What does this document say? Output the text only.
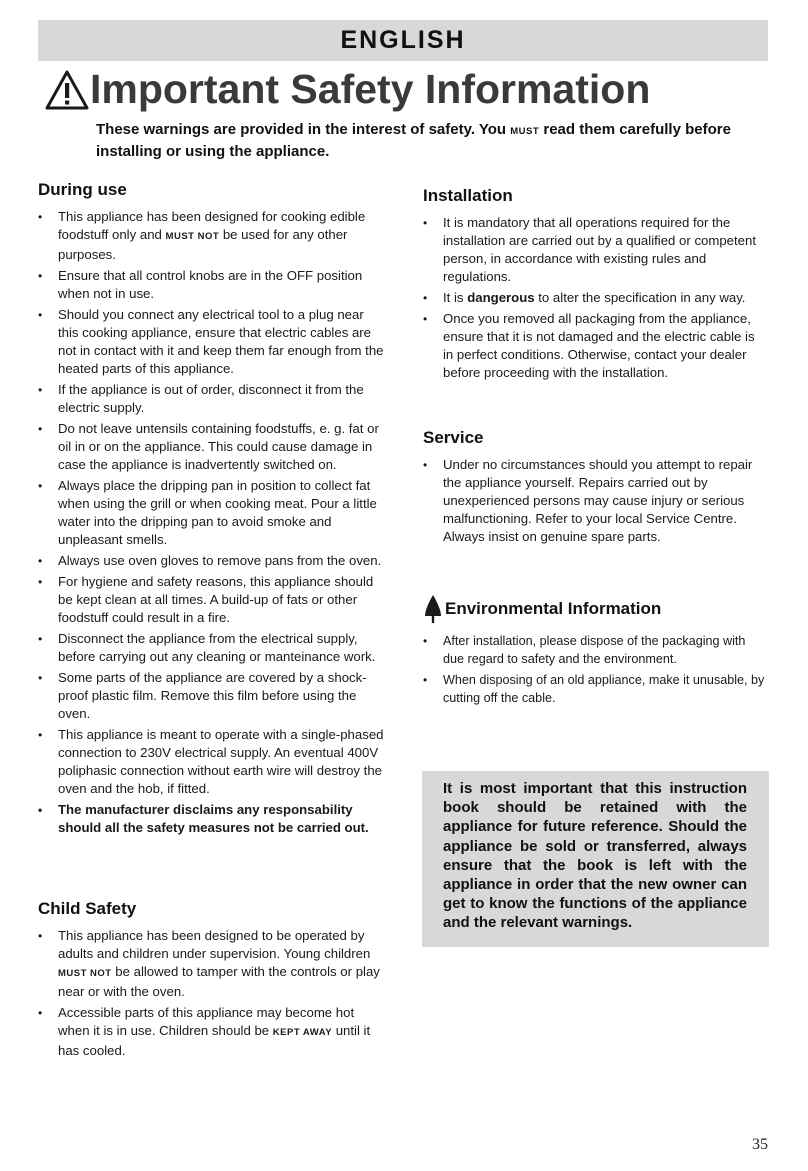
ENGLISH
Important Safety Information

These warnings are provided in the interest of safety. You MUST read them carefully before installing or using the appliance.

During use
• This appliance has been designed for cooking edible foodstuff only and MUST NOT be used for any other purposes.
• Ensure that all control knobs are in the OFF position when not in use.
• Should you connect any electrical tool to a plug near this cooking appliance, ensure that electric cables are not in contact with it and keep them far enough from the heated parts of this appliance.
• If the appliance is out of order, disconnect it from the electric supply.
• Do not leave untensils containing foodstuffs, e. g. fat or oil in or on the appliance. This could cause damage in case the appliance is inadvertently switched on.
• Always place the dripping pan in position to collect fat when using the grill or when cooking meat. Pour a little water into the dripping pan to avoid smoke and unpleasant smells.
• Always use oven gloves to remove pans from the oven.
• For hygiene and safety reasons, this appliance should be kept clean at all times. A build-up of fats or other foodstuff could result in a fire.
• Disconnect the appliance from the electrical supply, before carrying out any cleaning or manteinance work.
• Some parts of the appliance are covered by a shock-proof plastic film. Remove this film before using the oven.
• This appliance is meant to operate with a single-phased connection to 230V electrical supply. An eventual 400V poliphasic connection without earth wire will destroy the oven and the hob, if fitted.
• The manufacturer disclaims any responsability should all the safety measures not be carried out.
Child Safety
• This appliance has been designed to be operated by adults and children under supervision. Young children MUST NOT be allowed to tamper with the controls or play near or with the oven.
• Accessible parts of this appliance may become hot when it is in use. Children should be KEPT AWAY until it has cooled.
Installation
• It is mandatory that all operations required for the installation are carried out by a qualified or competent person, in accordance with existing rules and regulations.
• It is dangerous to alter the specification in any way.
• Once you removed all packaging from the appliance, ensure that it is not damaged and the electric cable is in perfect conditions. Otherwise, contact your dealer before proceeding with the installation.
Service
• Under no circumstances should you attempt to repair the appliance yourself. Repairs carried out by unexperienced persons may cause injury or serious malfunctioning. Refer to your local Service Centre. Always insist on genuine spare parts.
Environmental Information
• After installation, please dispose of the packaging with due regard to safety and the environment.
• When disposing of an old appliance, make it unusable, by cutting off the cable.

It is most important that this instruction book should be retained with the appliance for future reference. Should the appliance be sold or transferred, always ensure that the book is left with the appliance in order that the new owner can get to know the functions of the appliance and the relevant warnings.

35
